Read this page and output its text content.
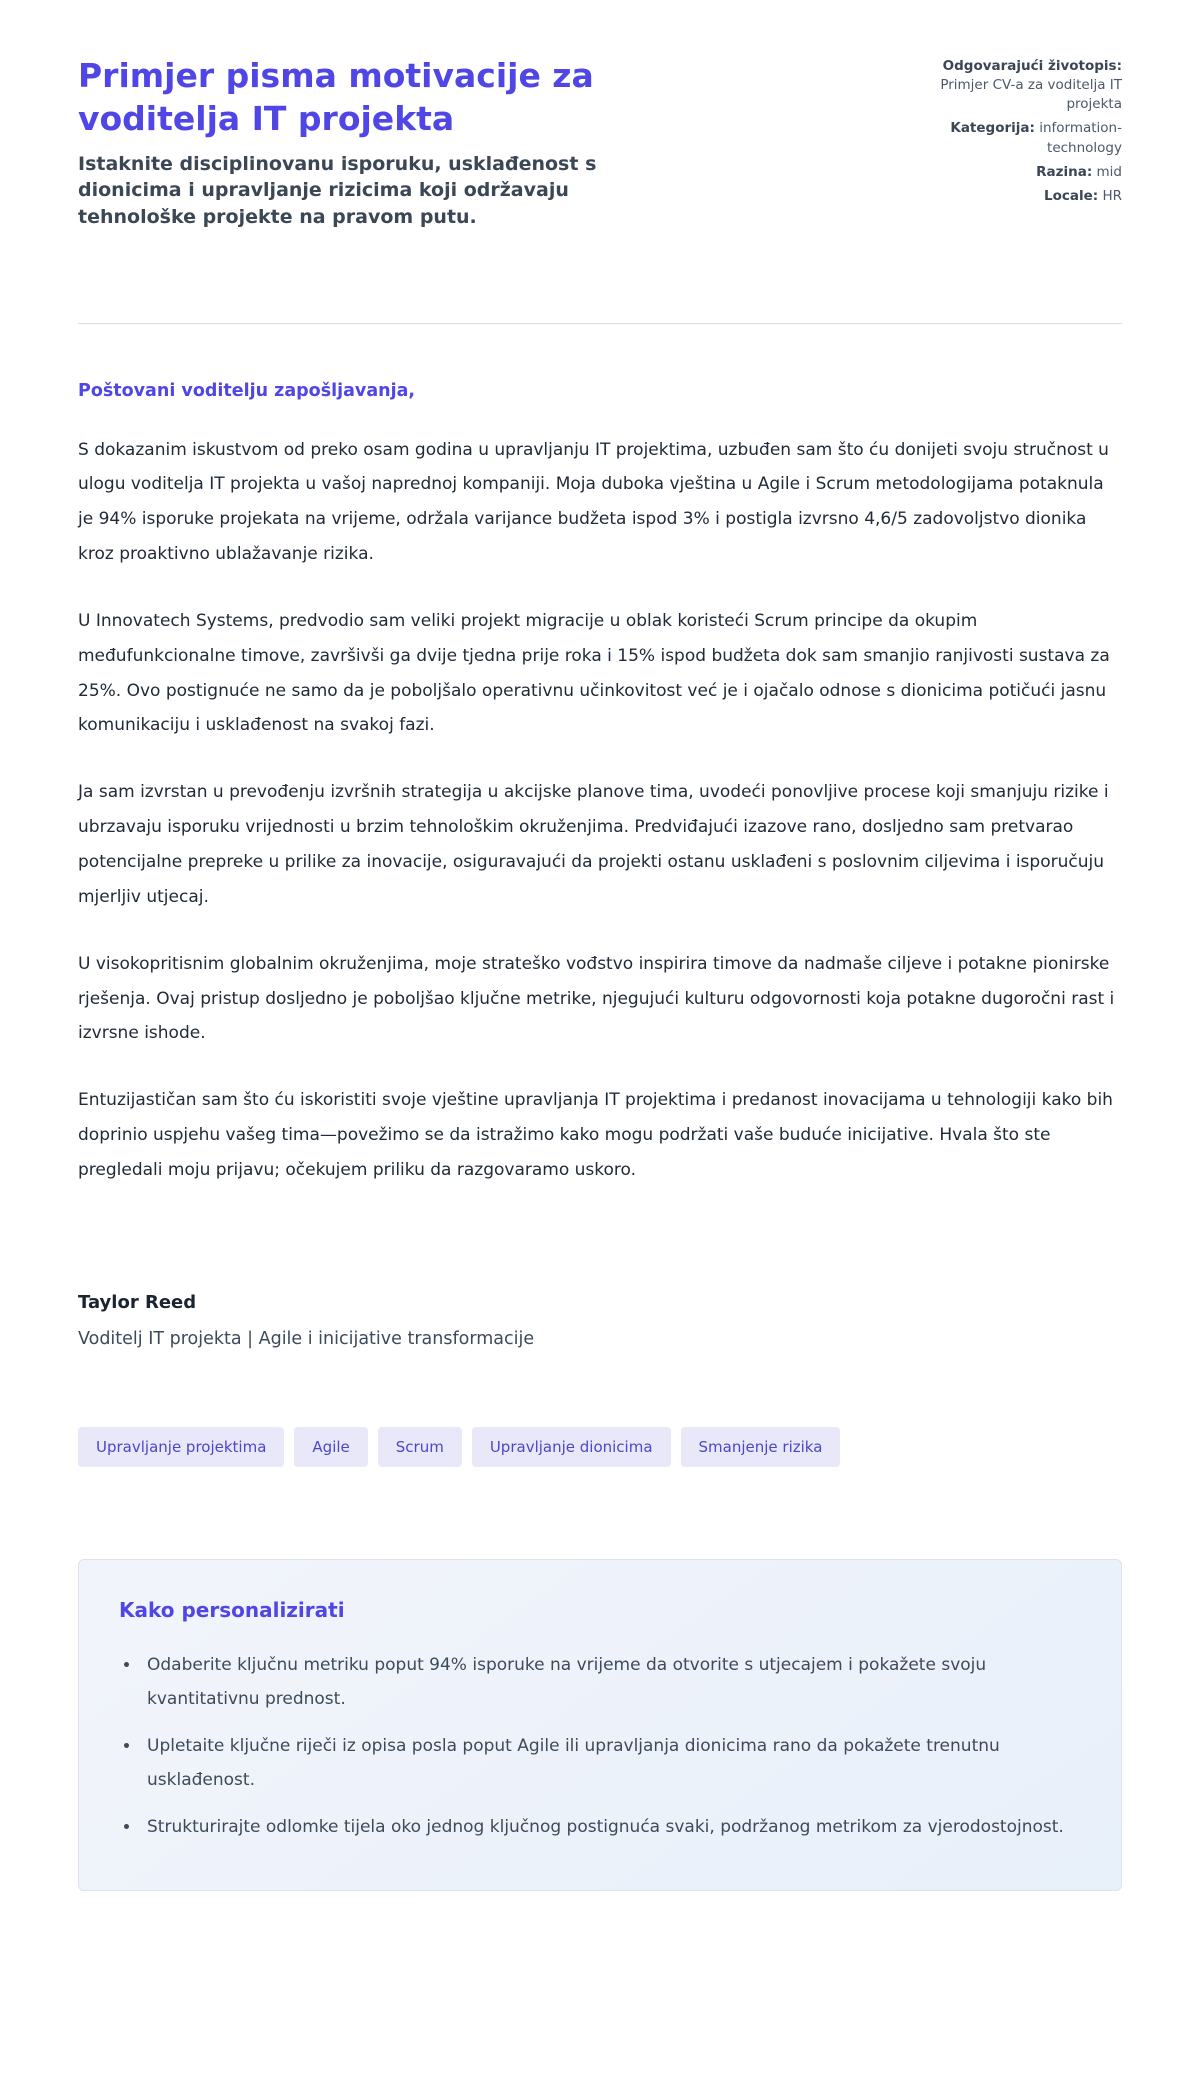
Primjer pisma motivacije za voditelja IT projekta

Istaknite disciplinovanu isporuku, usklađenost s dionicima i upravljanje rizicima koji održavaju tehnološke projekte na pravom putu.

Odgovarajući životopis: Primjer CV-a za voditelja IT projekta
Kategorija: information-technology
Razina: mid
Locale: HR

Poštovani voditelju zapošljavanja,

S dokazanim iskustvom od preko osam godina u upravljanju IT projektima, uzbuđen sam što ću donijeti svoju stručnost u ulogu voditelja IT projekta u vašoj naprednoj kompaniji. Moja duboka vještina u Agile i Scrum metodologijama potaknula je 94% isporuke projekata na vrijeme, održala varijance budžeta ispod 3% i postigla izvrsno 4,6/5 zadovoljstvo dionika kroz proaktivno ublažavanje rizika.

U Innovatech Systems, predvodio sam veliki projekt migracije u oblak koristeći Scrum principe da okupim međufunkcionalne timove, završivši ga dvije tjedna prije roka i 15% ispod budžeta dok sam smanjio ranjivosti sustava za 25%. Ovo postignuće ne samo da je poboljšalo operativnu učinkovitost već je i ojačalo odnose s dionicima potičući jasnu komunikaciju i usklađenost na svakoj fazi.

Ja sam izvrstan u prevođenju izvršnih strategija u akcijske planove tima, uvodeći ponovljive procese koji smanjuju rizike i ubrzavaju isporuku vrijednosti u brzim tehnološkim okruženjima. Predviđajući izazove rano, dosljedno sam pretvarao potencijalne prepreke u prilike za inovacije, osiguravajući da projekti ostanu usklađeni s poslovnim ciljevima i isporučuju mjerljiv utjecaj.

U visokopritisnim globalnim okruženjima, moje strateško vođstvo inspirira timove da nadmaše ciljeve i potakne pionirske rješenja. Ovaj pristup dosljedno je poboljšao ključne metrike, njegujući kulturu odgovornosti koja potakne dugoročni rast i izvrsne ishode.

Entuzijastičan sam što ću iskoristiti svoje vještine upravljanja IT projektima i predanost inovacijama u tehnologiji kako bih doprinio uspjehu vašeg tima—povežimo se da istražimo kako mogu podržati vaše buduće inicijative. Hvala što ste pregledali moju prijavu; očekujem priliku da razgovaramo uskoro.

Taylor Reed

Voditelj IT projekta | Agile i inicijative transformacije

Upravljanje projektima	Agile	Scrum	Upravljanje dionicima	Smanjenje rizika
Kako personalizirati
• Odaberite ključnu metriku poput 94% isporuke na vrijeme da otvorite s utjecajem i pokažete svoju kvantitativnu prednost.
• Upletaite ključne riječi iz opisa posla poput Agile ili upravljanja dionicima rano da pokažete trenutnu usklađenost.
• Strukturirajte odlomke tijela oko jednog ključnog postignuća svaki, podržanog metrikom za vjerodostojnost.
